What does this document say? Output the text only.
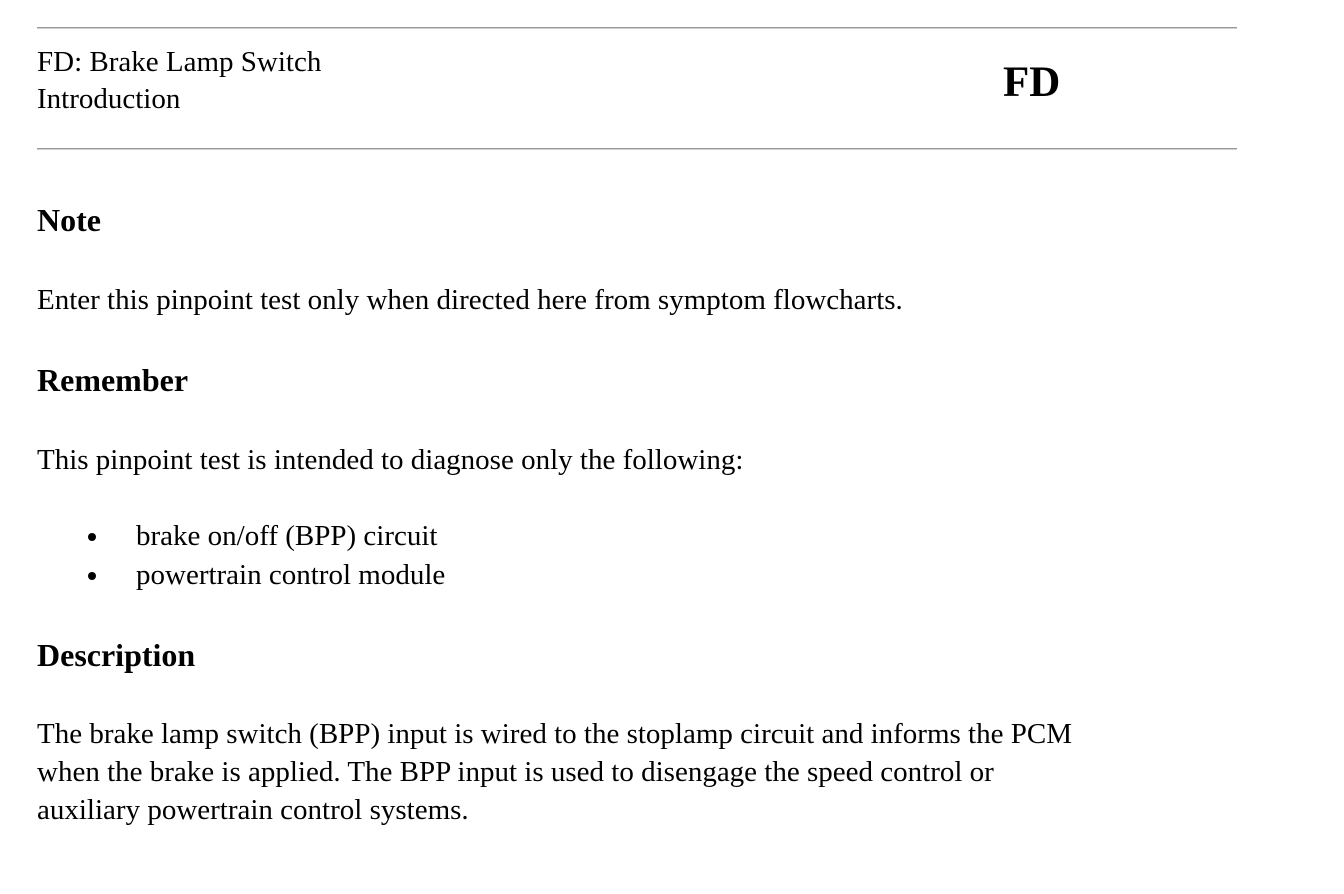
FD: Brake Lamp Switch
Introduction	FD
Note
Enter this pinpoint test only when directed here from symptom flowcharts.
Remember
This pinpoint test is intended to diagnose only the following:
brake on/off (BPP) circuit
powertrain control module
Description
The brake lamp switch (BPP) input is wired to the stoplamp circuit and informs the PCM
when the brake is applied. The BPP input is used to disengage the speed control or
auxiliary powertrain control systems.
